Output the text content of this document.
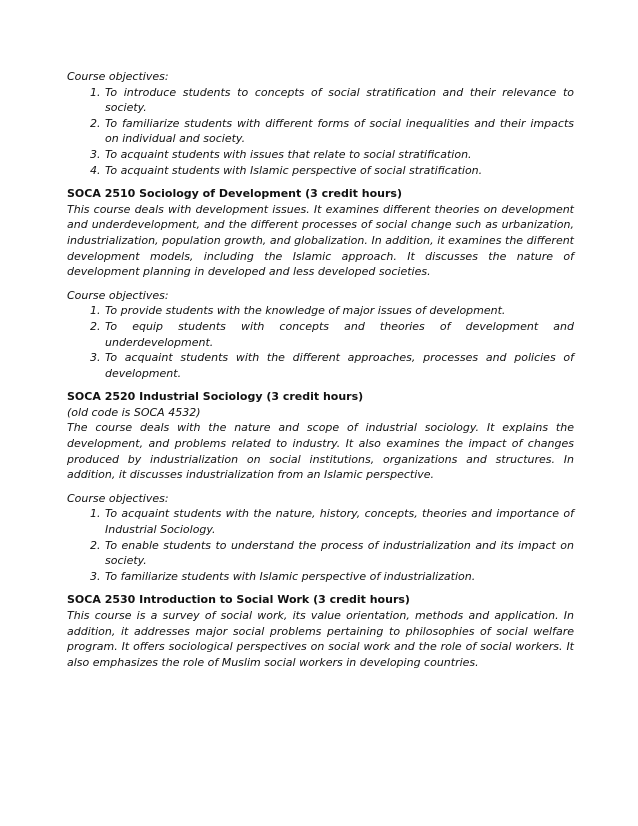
Course objectives:
1. To introduce students to concepts of social stratification and their relevance to society.
2. To familiarize students with different forms of social inequalities and their impacts on individual and society.
3. To acquaint students with issues that relate to social stratification.
4. To acquaint students with Islamic perspective of social stratification.
SOCA 2510 Sociology of Development (3 credit hours)

This course deals with development issues. It examines different theories on development and underdevelopment, and the different processes of social change such as urbanization, industrialization, population growth, and globalization. In addition, it examines the different development models, including the Islamic approach. It discusses the nature of development planning in developed and less developed societies.

Course objectives:
1. To provide students with the knowledge of major issues of development.
2. To equip students with concepts and theories of development and underdevelopment.
3. To acquaint students with the different approaches, processes and policies of development.
SOCA 2520 Industrial Sociology (3 credit hours)
(old code is SOCA 4532)

The course deals with the nature and scope of industrial sociology. It explains the development, and problems related to industry. It also examines the impact of changes produced by industrialization on social institutions, organizations and structures. In addition, it discusses industrialization from an Islamic perspective.

Course objectives:
1. To acquaint students with the nature, history, concepts, theories and importance of Industrial Sociology.
2. To enable students to understand the process of industrialization and its impact on society.
3. To familiarize students with Islamic perspective of industrialization.
SOCA 2530 Introduction to Social Work (3 credit hours)

This course is a survey of social work, its value orientation, methods and application. In addition, it addresses major social problems pertaining to philosophies of social welfare program. It offers sociological perspectives on social work and the role of social workers. It also emphasizes the role of Muslim social workers in developing countries.
